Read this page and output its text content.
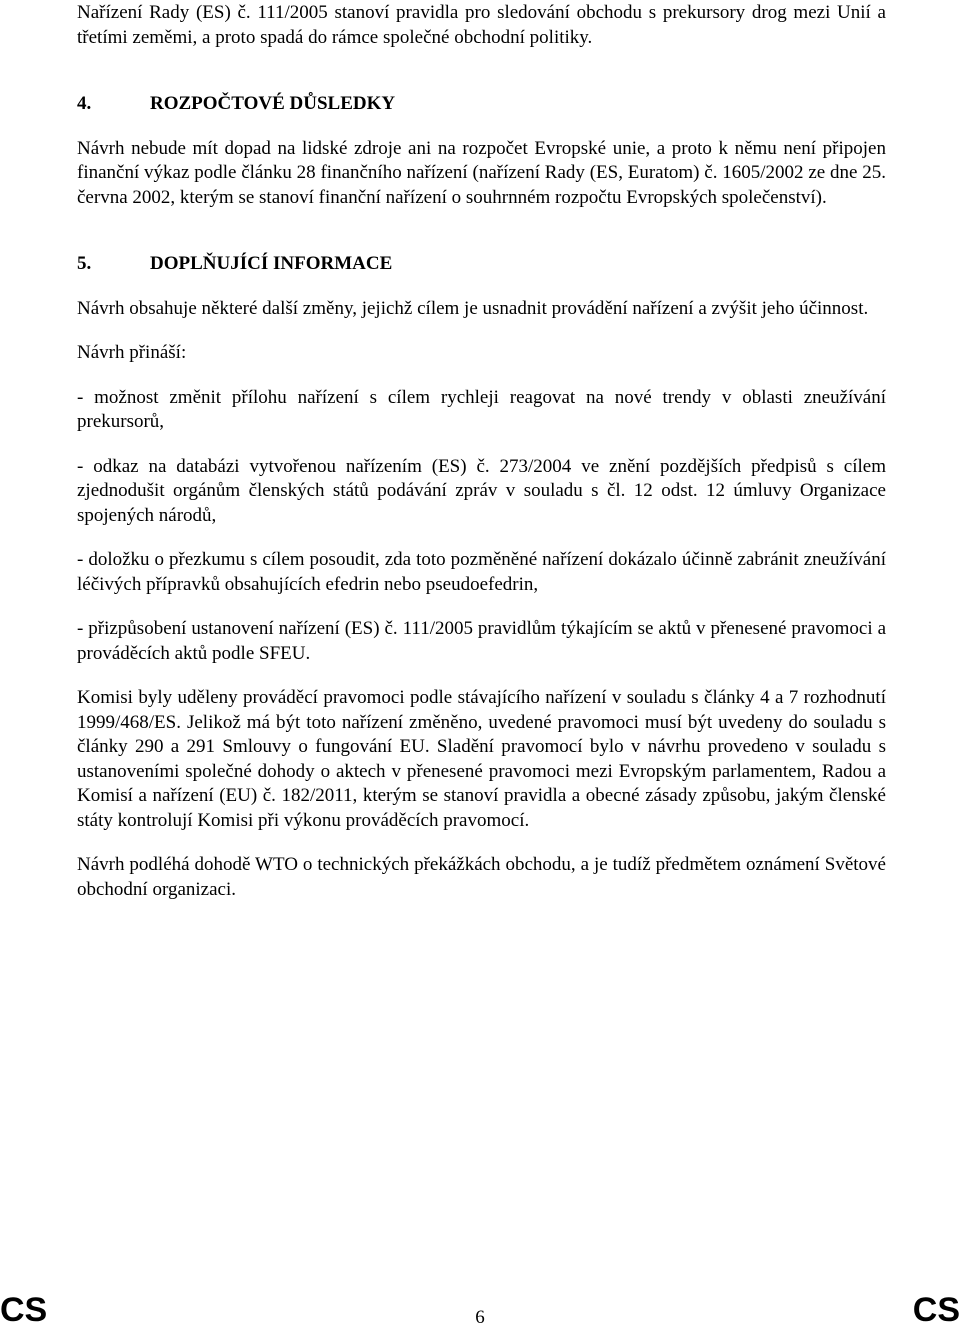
Nařízení Rady (ES) č. 111/2005 stanoví pravidla pro sledování obchodu s prekursory drog mezi Unií a třetími zeměmi, a proto spadá do rámce společné obchodní politiky.

4.	ROZPOČTOVÉ DŮSLEDKY

Návrh nebude mít dopad na lidské zdroje ani na rozpočet Evropské unie, a proto k němu není připojen finanční výkaz podle článku 28 finančního nařízení (nařízení Rady (ES, Euratom) č. 1605/2002 ze dne 25. června 2002, kterým se stanoví finanční nařízení o souhrnném rozpočtu Evropských společenství).

5.	DOPLŇUJÍCÍ INFORMACE

Návrh obsahuje některé další změny, jejichž cílem je usnadnit provádění nařízení a zvýšit jeho účinnost.

Návrh přináší:

- možnost změnit přílohu nařízení s cílem rychleji reagovat na nové trendy v oblasti zneužívání prekursorů,

- odkaz na databázi vytvořenou nařízením (ES) č. 273/2004 ve znění pozdějších předpisů s cílem zjednodušit orgánům členských států podávání zpráv v souladu s čl. 12 odst. 12 úmluvy Organizace spojených národů,

- doložku o přezkumu s cílem posoudit, zda toto pozměněné nařízení dokázalo účinně zabránit zneužívání léčivých přípravků obsahujících efedrin nebo pseudoefedrin,

- přizpůsobení ustanovení nařízení (ES) č. 111/2005 pravidlům týkajícím se aktů v přenesené pravomoci a prováděcích aktů podle SFEU.

Komisi byly uděleny prováděcí pravomoci podle stávajícího nařízení v souladu s články 4 a 7 rozhodnutí 1999/468/ES. Jelikož má být toto nařízení změněno, uvedené pravomoci musí být uvedeny do souladu s články 290 a 291 Smlouvy o fungování EU. Sladění pravomocí bylo v návrhu provedeno v souladu s ustanoveními společné dohody o aktech v přenesené pravomoci mezi Evropským parlamentem, Radou a Komisí a nařízení (EU) č. 182/2011, kterým se stanoví pravidla a obecné zásady způsobu, jakým členské státy kontrolují Komisi při výkonu prováděcích pravomocí.

Návrh podléhá dohodě WTO o technických překážkách obchodu, a je tudíž předmětem oznámení Světové obchodní organizaci.

CS	6	CS
